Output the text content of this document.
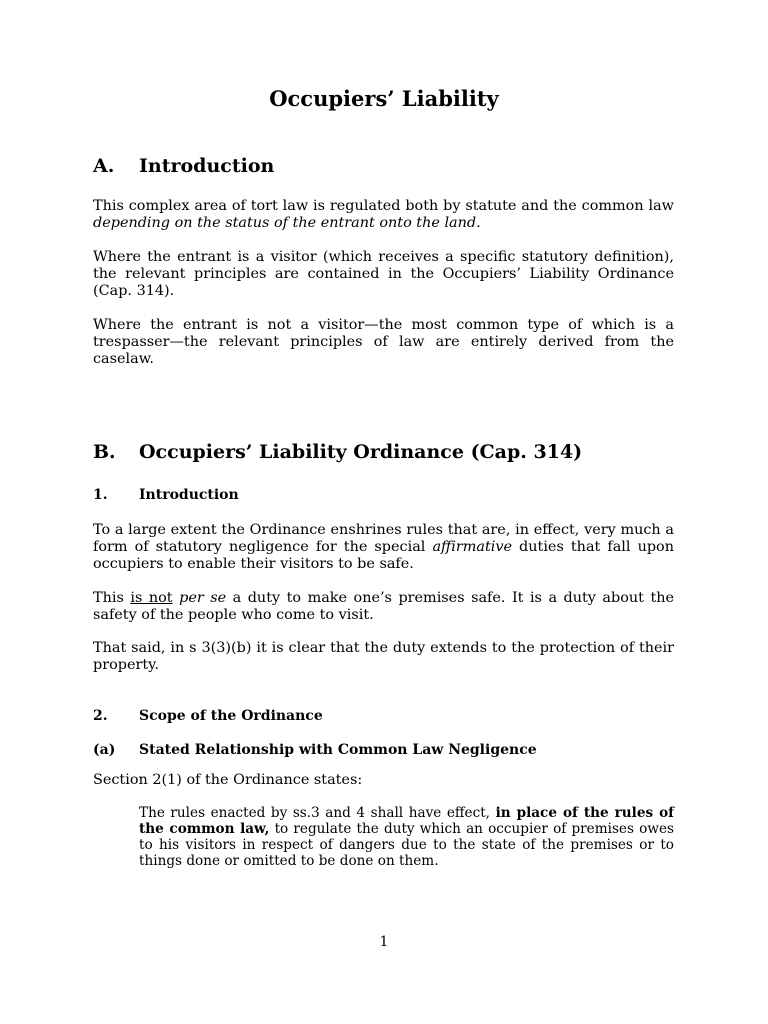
Occupiers’ Liability
A. Introduction

This complex area of tort law is regulated both by statute and the common law depending on the status of the entrant onto the land.

Where the entrant is a visitor (which receives a specific statutory definition), the relevant principles are contained in the Occupiers’ Liability Ordinance (Cap. 314).

Where the entrant is not a visitor—the most common type of which is a trespasser—the relevant principles of law are entirely derived from the caselaw.

B. Occupiers’ Liability Ordinance (Cap. 314)
1. Introduction

To a large extent the Ordinance enshrines rules that are, in effect, very much a form of statutory negligence for the special affirmative duties that fall upon occupiers to enable their visitors to be safe.

This is not per se a duty to make one’s premises safe. It is a duty about the safety of the people who come to visit.

That said, in s 3(3)(b) it is clear that the duty extends to the protection of their property.

2. Scope of the Ordinance
(a) Stated Relationship with Common Law Negligence

Section 2(1) of the Ordinance states:

The rules enacted by ss.3 and 4 shall have effect, in place of the rules of the common law, to regulate the duty which an occupier of premises owes to his visitors in respect of dangers due to the state of the premises or to things done or omitted to be done on them.

1
